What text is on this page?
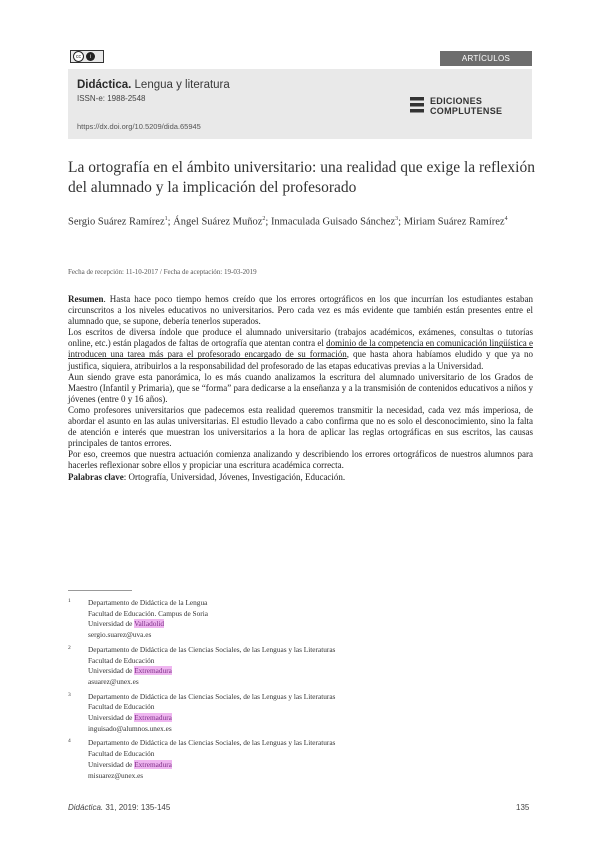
cc	i	ARTÍCULOS
Didáctica. Lengua y literatura
ISSN-e: 1988-2548
https://dx.doi.org/10.5209/dida.65945
EDICIONES
COMPLUTENSE
La ortografía en el ámbito universitario: una realidad que exige la reflexión del alumnado y la implicación del profesorado
Sergio Suárez Ramírez$^1$; Ángel Suárez Muñoz$^2$; Inmaculada Guisado Sánchez$^3$; Miriam Suárez Ramírez$^4$
Fecha de recepción: 11-10-2017 / Fecha de aceptación: 19-03-2019

Resumen. Hasta hace poco tiempo hemos creído que los errores ortográficos en los que incurrían los estudiantes estaban circunscritos a los niveles educativos no universitarios. Pero cada vez es más evidente que también están presentes entre el alumnado que, se supone, debería tenerlos superados.

Los escritos de diversa índole que produce el alumnado universitario (trabajos académicos, exámenes, consultas o tutorías online, etc.) están plagados de faltas de ortografía que atentan contra el dominio de la competencia en comunicación lingüística e introducen una tarea más para el profesorado encargado de su formación, que hasta ahora habíamos eludido y que ya no justifica, siquiera, atribuirlos a la responsabilidad del profesorado de las etapas educativas previas a la Universidad.

Aun siendo grave esta panorámica, lo es más cuando analizamos la escritura del alumnado universitario de los Grados de Maestro (Infantil y Primaria), que se “forma” para dedicarse a la enseñanza y a la transmisión de contenidos educativos a niños y jóvenes (entre 0 y 16 años).

Como profesores universitarios que padecemos esta realidad queremos transmitir la necesidad, cada vez más imperiosa, de abordar el asunto en las aulas universitarias. El estudio llevado a cabo confirma que no es solo el desconocimiento, sino la falta de atención e interés que muestran los universitarios a la hora de aplicar las reglas ortográficas en sus escritos, las causas principales de tantos errores.

Por eso, creemos que nuestra actuación comienza analizando y describiendo los errores ortográficos de nuestros alumnos para hacerles reflexionar sobre ellos y propiciar una escritura académica correcta.

Palabras clave: Ortografía, Universidad, Jóvenes, Investigación, Educación.

1 Departamento de Didáctica de la Lengua
Facultad de Educación. Campus de Soria
Universidad de Valladolid
sergio.suarez@uva.es
2 Departamento de Didáctica de las Ciencias Sociales, de las Lenguas y las Literaturas
Facultad de Educación
Universidad de Extremadura
asuarez@unex.es
3 Departamento de Didáctica de las Ciencias Sociales, de las Lenguas y las Literaturas
Facultad de Educación
Universidad de Extremadura
inguisado@alumnos.unex.es
4 Departamento de Didáctica de las Ciencias Sociales, de las Lenguas y las Literaturas
Facultad de Educación
Universidad de Extremadura
misuarez@unex.es
Didáctica. 31, 2019: 135-145	135
